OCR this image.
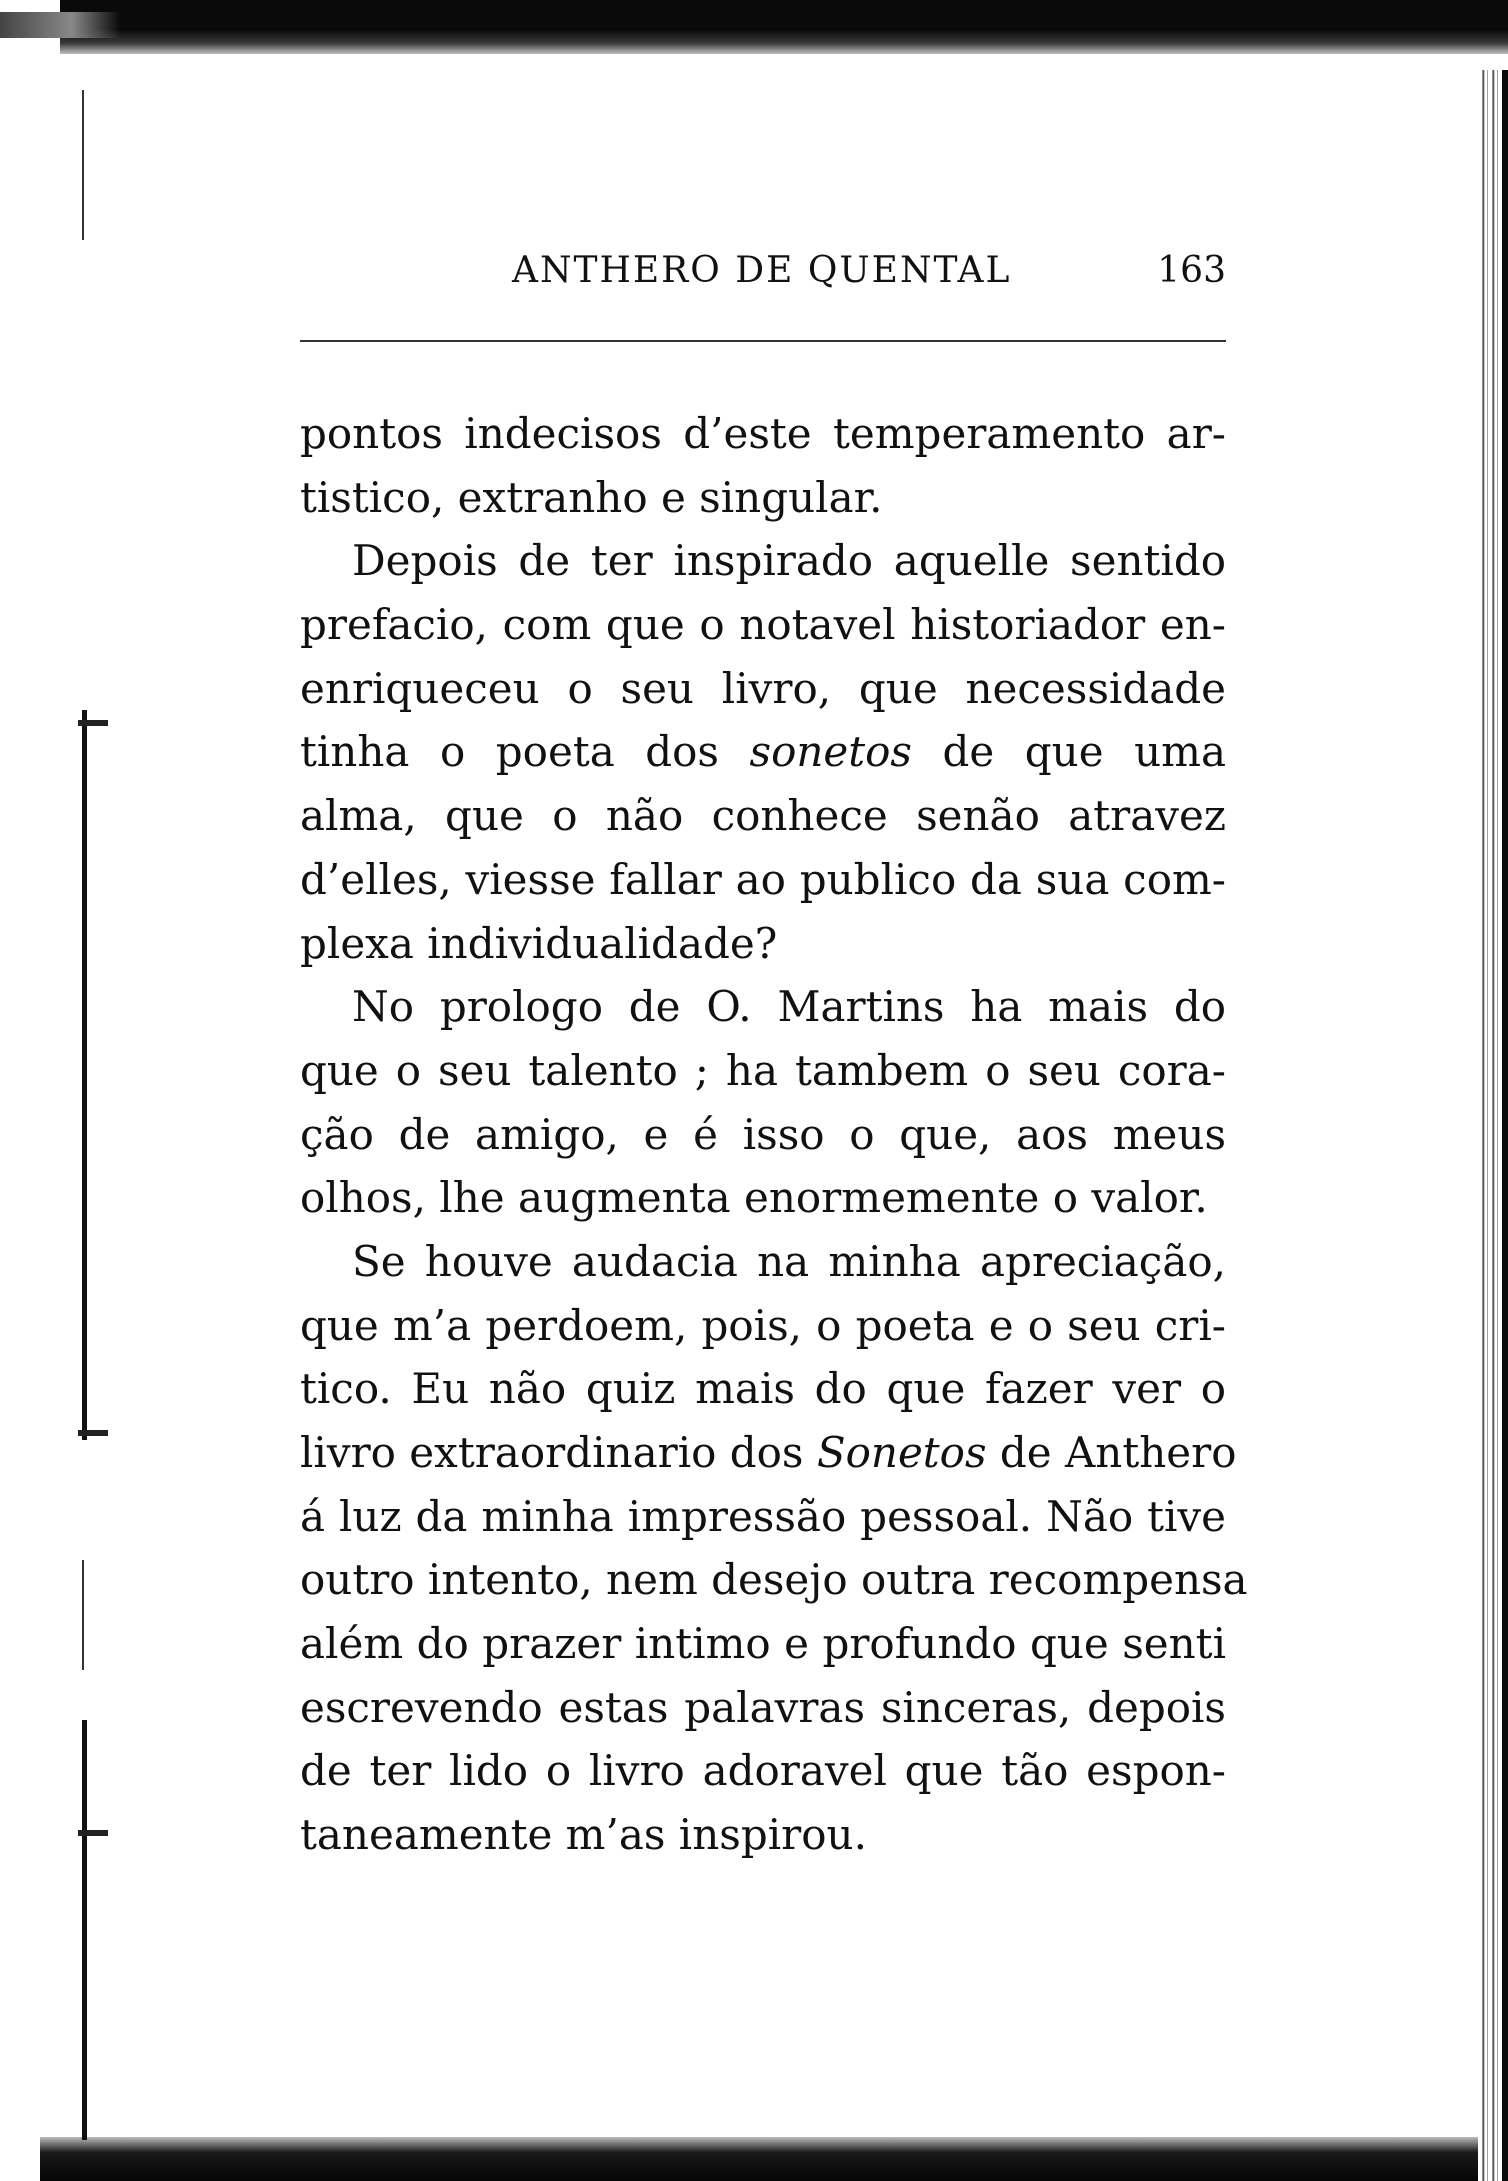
ANTHERO DE QUENTAL	163
pontos indecisos d’este temperamento ar-
tistico, extranho e singular.
Depois de ter inspirado aquelle sentido
prefacio, com que o notavel historiador en-
enriqueceu o seu livro, que necessidade
tinha o poeta dos sonetos de que uma
alma, que o não conhece senão atravez
d’elles, viesse fallar ao publico da sua com-
plexa individualidade?
No prologo de O. Martins ha mais do
que o seu talento ; ha tambem o seu cora-
ção de amigo, e é isso o que, aos meus
olhos, lhe augmenta enormemente o valor.
Se houve audacia na minha apreciação,
que m’a perdoem, pois, o poeta e o seu cri-
tico. Eu não quiz mais do que fazer ver o
livro extraordinario dos Sonetos de Anthero
á luz da minha impressão pessoal. Não tive
outro intento, nem desejo outra recompensa
além do prazer intimo e profundo que senti
escrevendo estas palavras sinceras, depois
de ter lido o livro adoravel que tão espon-
taneamente m’as inspirou.
